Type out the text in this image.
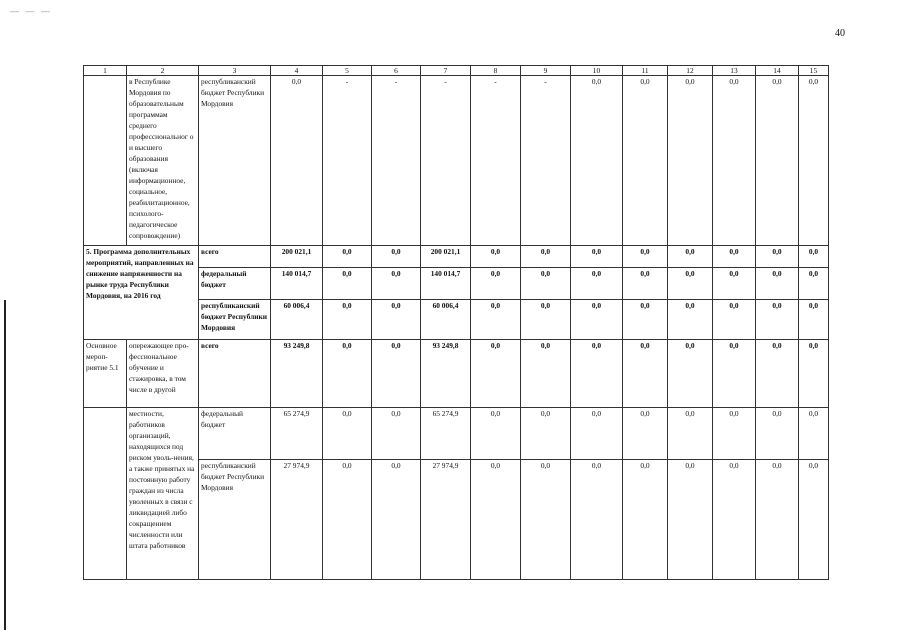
— — —
40
1	2	3	4	5	6	7	8	9	10	11	12	13	14	15
	в Республике Мордовия по образовательным программам среднего профессиональног о и высшего образования (включая информационное, социальное, реабилитационное, психолого-педагогическое сопровождение)	республиканский бюджет Республики Мордовия	0,0	-	-	-	-	-	0,0	0,0	0,0	0,0	0,0	0,0
5. Программа дополнительных мероприятий, направленных на снижение напряженности на рынке труда Республики Мордовия, на 2016 год		всего	200 021,1	0,0	0,0	200 021,1	0,0	0,0	0,0	0,0	0,0	0,0	0,0	0,0
		федеральный бюджет	140 014,7	0,0	0,0	140 014,7	0,0	0,0	0,0	0,0	0,0	0,0	0,0	0,0
		республиканский бюджет Республики Мордовия	60 006,4	0,0	0,0	60 006,4	0,0	0,0	0,0	0,0	0,0	0,0	0,0	0,0
Основное мероп-риятие 5.1	опережающее про-фессиональное обучение и стажировка, в том числе в другой	всего	93 249,8	0,0	0,0	93 249,8	0,0	0,0	0,0	0,0	0,0	0,0	0,0	0,0
	местности, работников организаций, находящихся под риском уволь-нения, а также принятых на постоянную работу граждан из числа уволенных в связи с ликвидацией либо сокращением численности или штата работников	федеральный бюджет	65 274,9	0,0	0,0	65 274,9	0,0	0,0	0,0	0,0	0,0	0,0	0,0	0,0
		республиканский бюджет Республики Мордовия	27 974,9	0,0	0,0	27 974,9	0,0	0,0	0,0	0,0	0,0	0,0	0,0	0,0
